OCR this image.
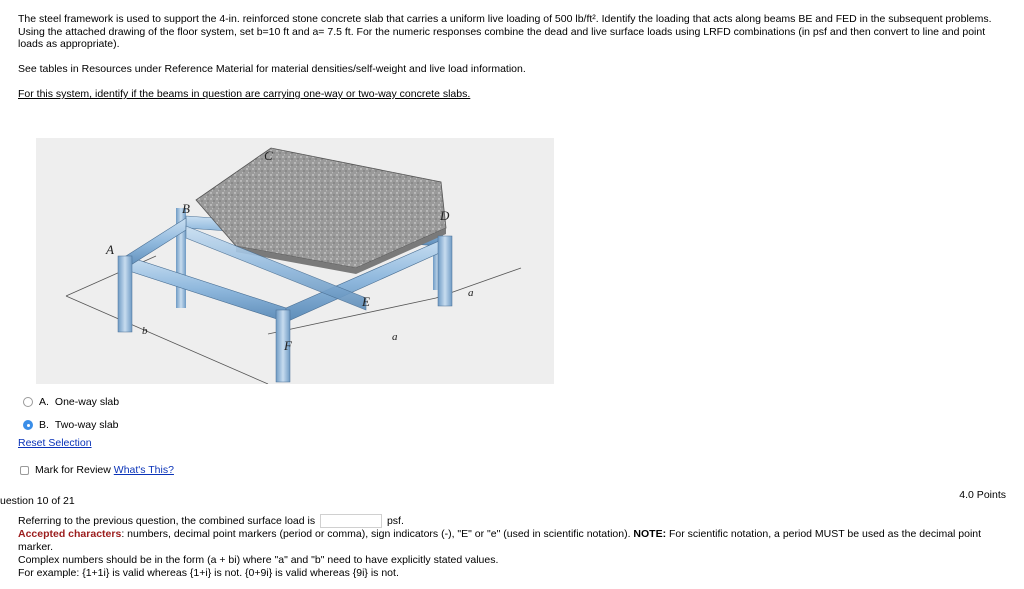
The steel framework is used to support the 4-in. reinforced stone concrete slab that carries a uniform live loading of 500 lb/ft². Identify the loading that acts along beams BE and FED in the subsequent problems. Using the attached drawing of the floor system, set b=10 ft and a= 7.5 ft. For the numeric responses combine the dead and live surface loads using LRFD combinations (in psf and then convert to line and point loads as appropriate).
See tables in Resources under Reference Material for material densities/self-weight and live load information.
For this system, identify if the beams in question are carrying one-way or two-way concrete slabs.
A
B
C
D
E
F
a
a
b
A. One-way slab
B. Two-way slab
Reset Selection
Mark for Review What's This?
uestion 10 of 21	4.0 Points
Referring to the previous question, the combined surface load is	psf.
Accepted characters: numbers, decimal point markers (period or comma), sign indicators (-), "E" or "e" (used in scientific notation). NOTE: For scientific notation, a period MUST be used as the decimal point marker.
Complex numbers should be in the form (a + bi) where "a" and "b" need to have explicitly stated values.
For example: {1+1i} is valid whereas {1+i} is not. {0+9i} is valid whereas {9i} is not.
